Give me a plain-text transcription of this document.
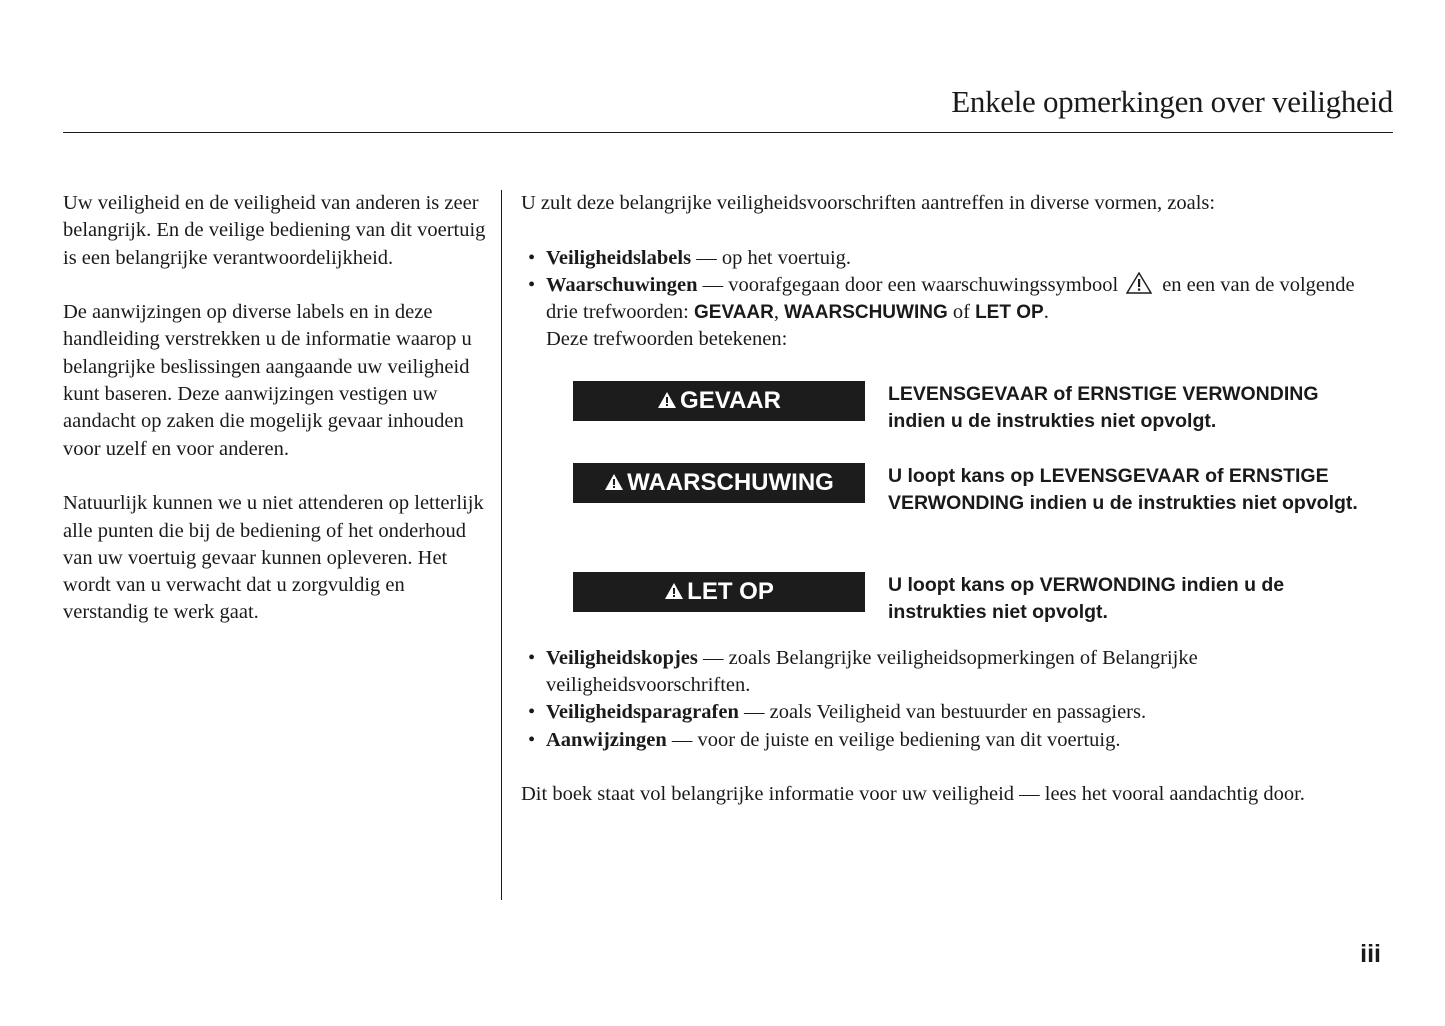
Enkele opmerkingen over veiligheid

Uw veiligheid en de veiligheid van anderen is zeer belangrijk. En de veilige bediening van dit voertuig is een belangrijke verantwoordelijkheid.

De aanwijzingen op diverse labels en in deze handleiding verstrekken u de informatie waarop u belangrijke beslissingen aangaande uw veiligheid kunt baseren. Deze aanwijzingen vestigen uw aandacht op zaken die mogelijk gevaar inhouden voor uzelf en voor anderen.

Natuurlijk kunnen we u niet attenderen op letterlijk alle punten die bij de bediening of het onderhoud van uw voertuig gevaar kunnen opleveren. Het wordt van u verwacht dat u zorgvuldig en verstandig te werk gaat.

U zult deze belangrijke veiligheidsvoorschriften aantreffen in diverse vormen, zoals:

• Veiligheidslabels — op het voertuig.
• Waarschuwingen — voorafgegaan door een waarschuwingssymbool en een van de volgende drie trefwoorden: GEVAAR, WAARSCHUWING of LET OP.
Deze trefwoorden betekenen:
GEVAAR	LEVENSGEVAAR of ERNSTIGE VERWONDING indien u de instrukties niet opvolgt.
WAARSCHUWING	U loopt kans op LEVENSGEVAAR of ERNSTIGE VERWONDING indien u de instrukties niet opvolgt.
LET OP	U loopt kans op VERWONDING indien u de instrukties niet opvolgt.
• Veiligheidskopjes — zoals Belangrijke veiligheidsopmerkingen of Belangrijke veiligheidsvoorschriften.
• Veiligheidsparagrafen — zoals Veiligheid van bestuurder en passagiers.
• Aanwijzingen — voor de juiste en veilige bediening van dit voertuig.

Dit boek staat vol belangrijke informatie voor uw veiligheid — lees het vooral aandachtig door.

iii
